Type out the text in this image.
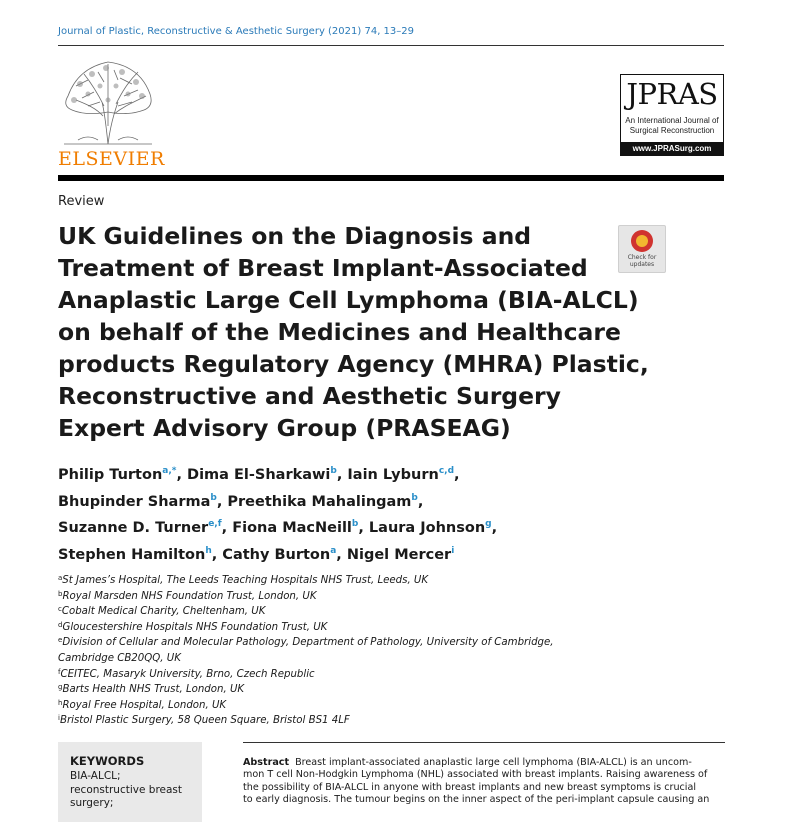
Journal of Plastic, Reconstructive & Aesthetic Surgery (2021) 74, 13–29
ELSEVIER
JPRAS
An International Journal of
Surgical Reconstruction
www.JPRASurg.com
Review
UK Guidelines on the Diagnosis and
Treatment of Breast Implant-Associated
Anaplastic Large Cell Lymphoma (BIA-ALCL)
on behalf of the Medicines and Healthcare
products Regulatory Agency (MHRA) Plastic,
Reconstructive and Aesthetic Surgery
Expert Advisory Group (PRASEAG)
Check for
updates
Philip Turton$^{a,*}$, Dima El-Sharkawi$^b$, Iain Lyburn$^{c,d}$,
Bhupinder Sharma$^b$, Preethika Mahalingam$^b$,
Suzanne D. Turner$^{e,f}$, Fiona MacNeill$^b$, Laura Johnson$^g$,
Stephen Hamilton$^h$, Cathy Burton$^a$, Nigel Mercer$^i$
$^a$St James’s Hospital, The Leeds Teaching Hospitals NHS Trust, Leeds, UK
$^b$Royal Marsden NHS Foundation Trust, London, UK
$^c$Cobalt Medical Charity, Cheltenham, UK
$^d$Gloucestershire Hospitals NHS Foundation Trust, UK
$^e$Division of Cellular and Molecular Pathology, Department of Pathology, University of Cambridge,
Cambridge CB20QQ, UK
$^f$CEITEC, Masaryk University, Brno, Czech Republic
$^g$Barts Health NHS Trust, London, UK
$^h$Royal Free Hospital, London, UK
$^i$Bristol Plastic Surgery, 58 Queen Square, Bristol BS1 4LF
KEYWORDS
BIA-ALCL;
reconstructive breast
surgery;
Abstract Breast implant-associated anaplastic large cell lymphoma (BIA-ALCL) is an uncom-
mon T cell Non-Hodgkin Lymphoma (NHL) associated with breast implants. Raising awareness of
the possibility of BIA-ALCL in anyone with breast implants and new breast symptoms is crucial
to early diagnosis. The tumour begins on the inner aspect of the peri-implant capsule causing an
